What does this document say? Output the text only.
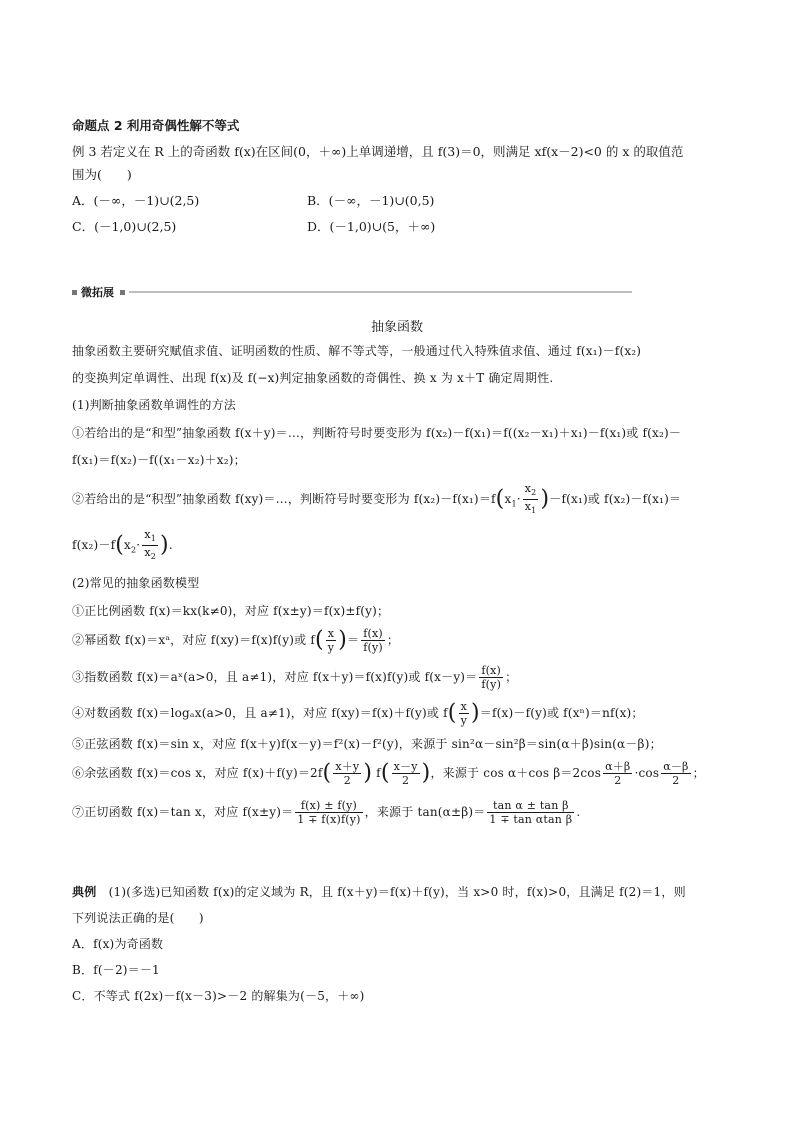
命题点 2 利用奇偶性解不等式
例 3 若定义在 R 上的奇函数 f(x)在区间(0，＋∞)上单调递增，且 f(3)＝0，则满足 xf(x－2)<0 的 x 的取值范
围为(　　)
A．(－∞，－1)∪(2,5)	B．(－∞，－1)∪(0,5)
C．(－1,0)∪(2,5)	D．(－1,0)∪(5，＋∞)
微拓展
抽象函数
抽象函数主要研究赋值求值、证明函数的性质、解不等式等，一般通过代入特殊值求值、通过 f(x₁)－f(x₂)
的变换判定单调性、出现 f(x)及 f(−x)判定抽象函数的奇偶性、换 x 为 x＋T 确定周期性.
(1)判断抽象函数单调性的方法
①若给出的是“和型”抽象函数 f(x＋y)＝…，判断符号时要变形为 f(x₂)－f(x₁)＝f((x₂－x₁)＋x₁)－f(x₁)或 f(x₂)－
f(x₁)＝f(x₂)－f((x₁－x₂)＋x₂)；
②若给出的是“积型”抽象函数 f(xy)＝…，判断符号时要变形为 $f(x_2)-f(x_1)=f(x_1\cdot \frac{x_2}{x_1} )-f(x_1)$或 f(x₂)－f(x₁)＝
$f(x_2)-f(x_2\cdot \frac{x_1}{x_2}$ ).
(2)常见的抽象函数模型
①正比例函数 f(x)＝kx(k≠0)，对应 f(x±y)＝f(x)±f(y)；
②幂函数 f(x)＝xᵃ，对应 f(xy)＝f(x)f(y)或 $f( \frac{x}{y}$ )＝ $\frac{f(x)}{f(y)}$ ；
③指数函数 f(x)＝aˣ(a>0，且 a≠1)，对应 f(x＋y)＝f(x)f(y)或 $f(x-y)= \frac{f(x)}{f(y)}$ ；
④对数函数 f(x)＝logₐx(a>0，且 a≠1)，对应 f(xy)＝f(x)＋f(y)或 $f( \frac{x}{y} )=f(x)-f(y)$或 f(xⁿ)＝nf(x)；
⑤正弦函数 f(x)＝sin x，对应 f(x＋y)f(x－y)＝f²(x)－f²(y)，来源于 sin²α－sin²β＝sin(α＋β)sin(α－β)；
⑥余弦函数 f(x)＝cos x，对应 $f(x)+f(y)=2f( \frac{x+y}{2}$ ) $f( \frac{x-y}{2}$ )，来源于 cos α＋cos $\beta=2\cos \frac{\alpha+\beta}{2} \cdot\cos \frac{\alpha-\beta}{2}$ ；
⑦正切函数 f(x)＝tan x，对应 $f(x\pm y)= \frac{f(x) \pm f(y)}{1 \mp f(x)f(y)}$ ，来源于 $\tan(\alpha\pm\beta)= \frac{\text{tan α ± tan β}}{\text{1 ∓ tan αtan β}}$ .
典例　(1)(多选)已知函数 f(x)的定义域为 R，且 f(x＋y)＝f(x)＋f(y)，当 x>0 时，f(x)>0，且满足 f(2)＝1，则
下列说法正确的是(　　)
A．f(x)为奇函数
B．f(－2)＝－1
C．不等式 f(2x)－f(x－3)>－2 的解集为(－5，＋∞)
